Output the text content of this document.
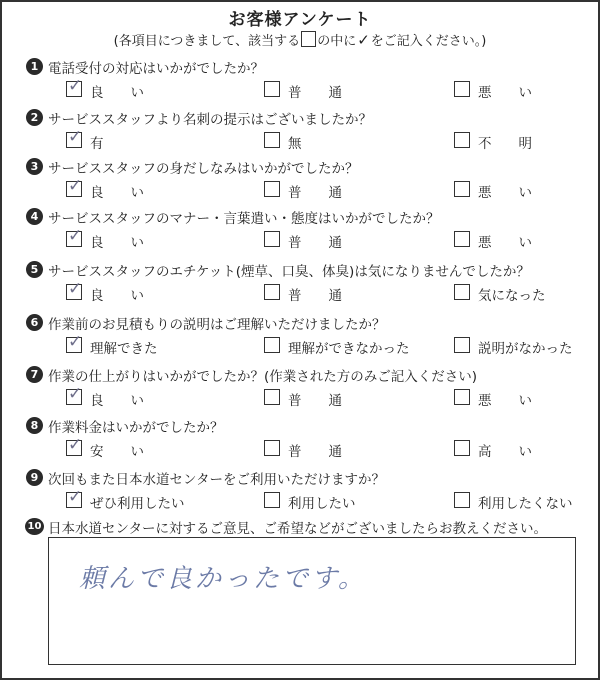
お客様アンケート
(各項目につきまして、該当する の中に✓をご記入ください。)
1 電話受付の対応はいかがでしたか？
✓ 良　　い	普　　通	悪　　い
2 サービススタッフより名刺の提示はございましたか？
✓ 有	無	不　　明
3 サービススタッフの身だしなみはいかがでしたか？
✓ 良　　い	普　　通	悪　　い
4 サービススタッフのマナー・言葉遣い・態度はいかがでしたか？
✓ 良　　い	普　　通	悪　　い
5 サービススタッフのエチケット(煙草、口臭、体臭)は気になりませんでしたか？
✓ 良　　い	普　　通	気になった
6 作業前のお見積もりの説明はご理解いただけましたか？
✓ 理解できた	理解ができなかった	説明がなかった
7 作業の仕上がりはいかがでしたか？(作業された方のみご記入ください)
✓ 良　　い	普　　通	悪　　い
8 作業料金はいかがでしたか？
✓ 安　　い	普　　通	高　　い
9 次回もまた日本水道センターをご利用いただけますか？
✓ ぜひ利用したい	利用したい	利用したくない
10 日本水道センターに対するご意見、ご希望などがございましたらお教えください。
頼んで良かったです。
